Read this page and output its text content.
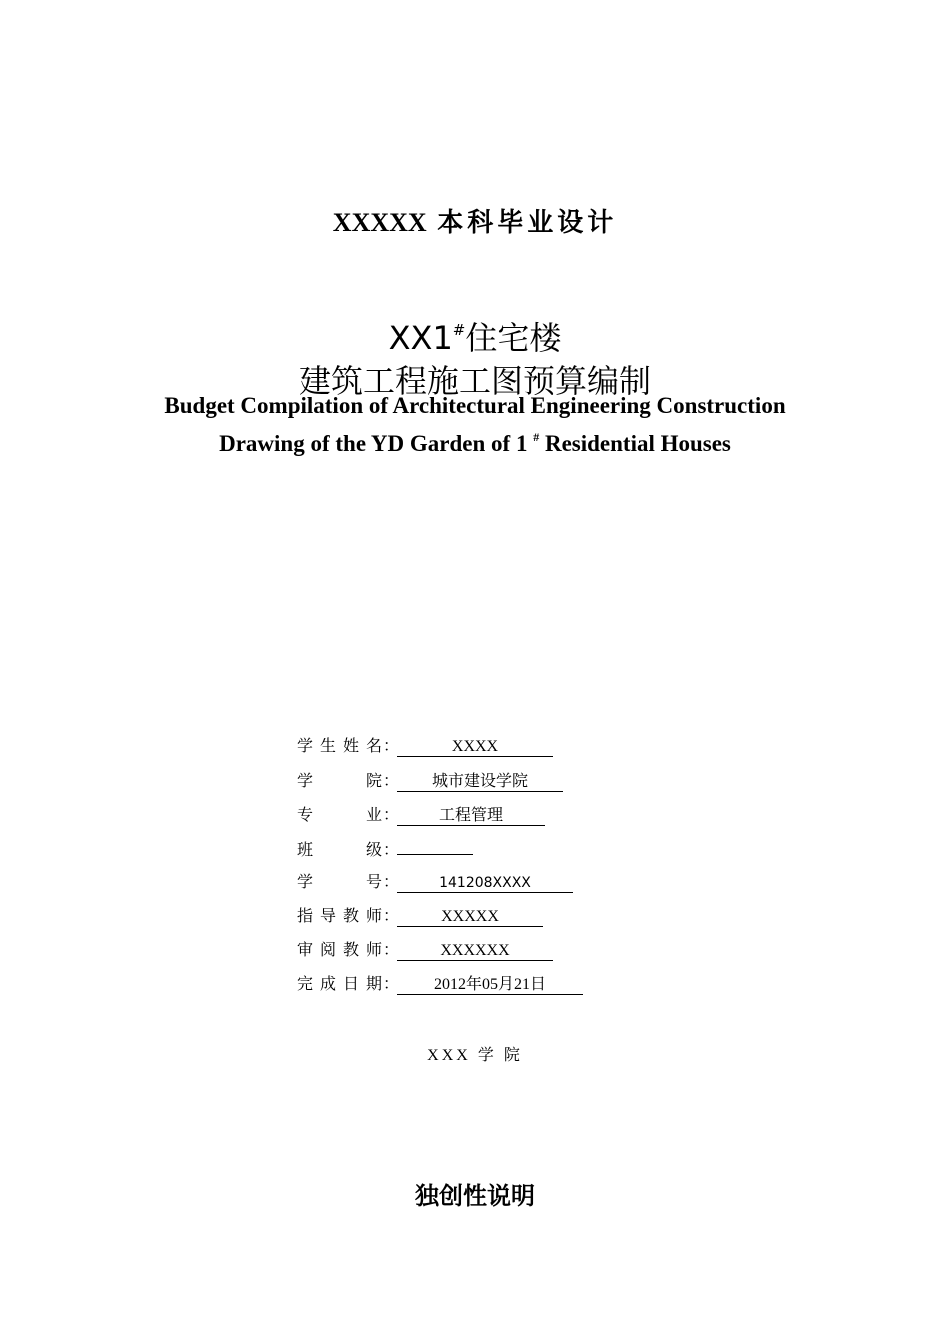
XXXXX 本科毕业设计
XX1#住宅楼
建筑工程施工图预算编制
Budget Compilation of Architectural Engineering Construction
Drawing of the YD Garden of 1 # Residential Houses
学生姓名：	XXXX
学院： 城市建设学院
专业： 工程管理
班级：
学号：	141208XXXX
指导教师：	XXXXX
审阅教师：	XXXXXX
完成日期： 2012年05月21日
XXX 学 院
独创性说明
